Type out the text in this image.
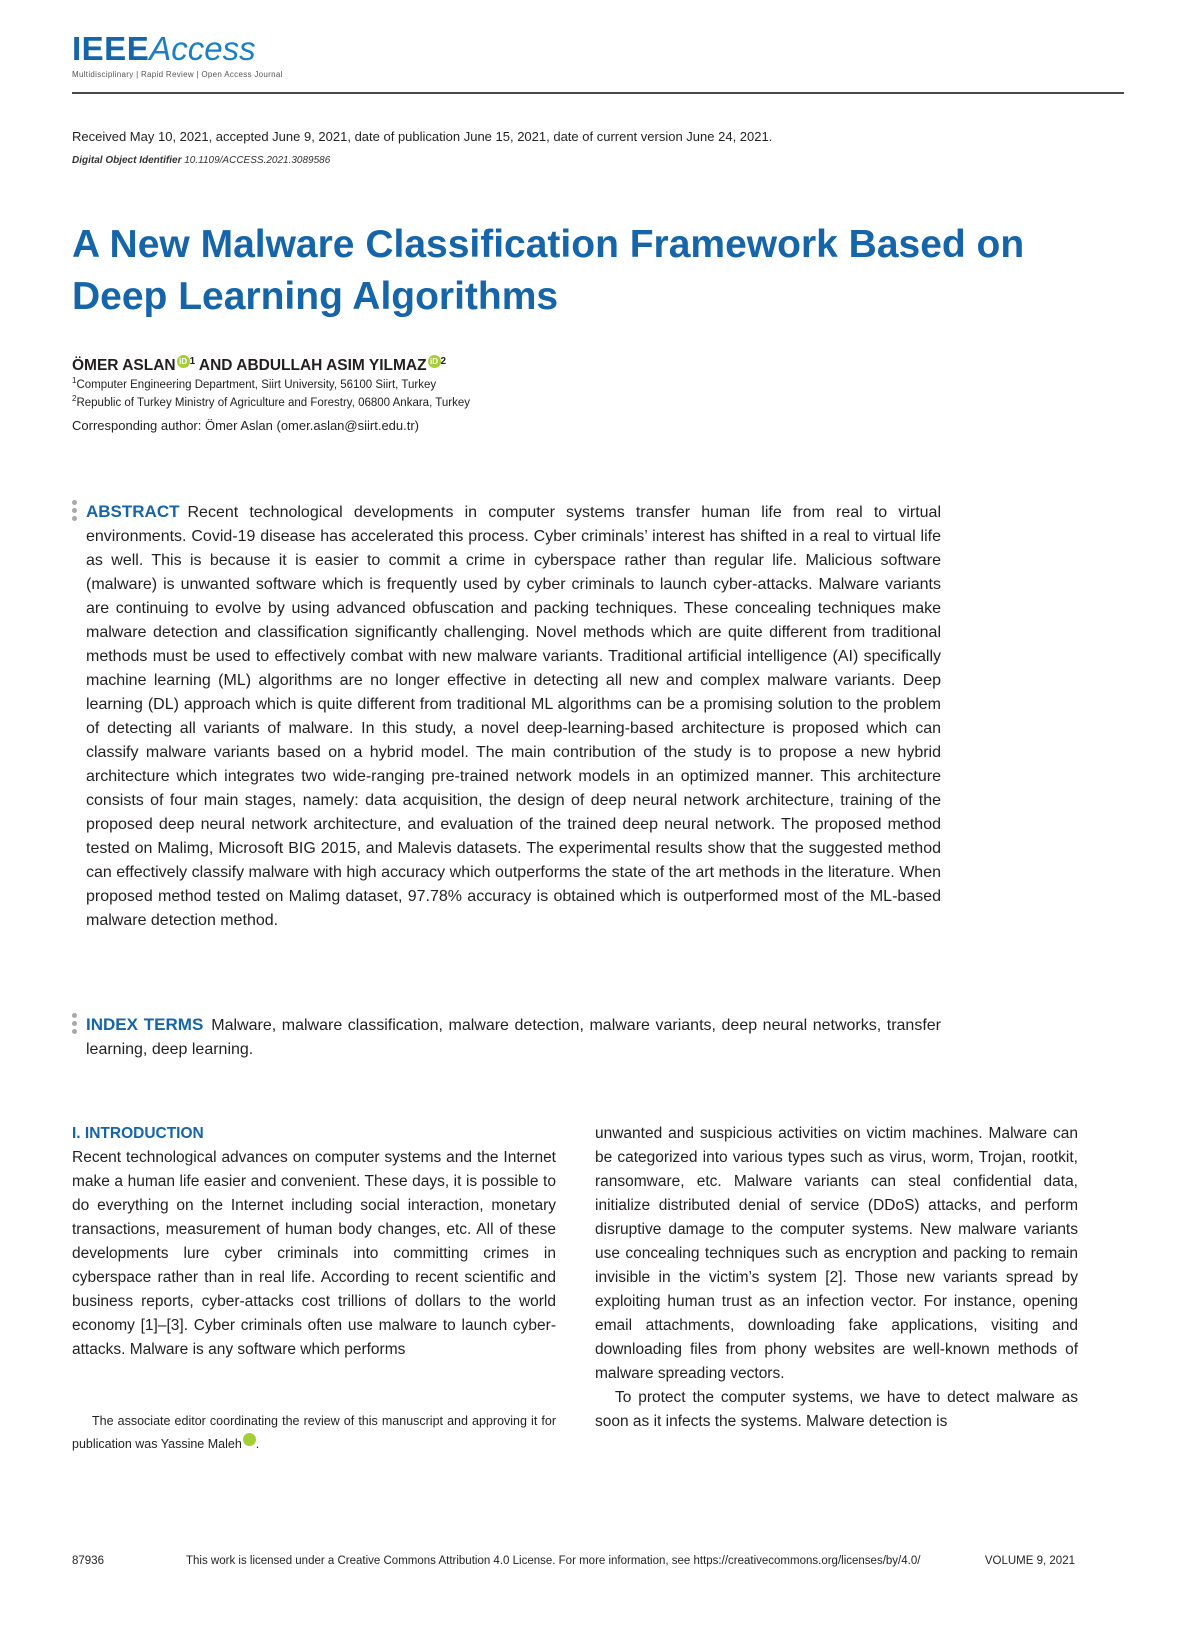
IEEEAccess
Multidisciplinary | Rapid Review | Open Access Journal
Received May 10, 2021, accepted June 9, 2021, date of publication June 15, 2021, date of current version June 24, 2021.
Digital Object Identifier 10.1109/ACCESS.2021.3089586
A New Malware Classification Framework Based on Deep Learning Algorithms
ÖMER ASLAN iD $^1$ AND ABDULLAH ASIM YILMAZ iD $^2$
$^1$Computer Engineering Department, Siirt University, 56100 Siirt, Turkey
$^2$Republic of Turkey Ministry of Agriculture and Forestry, 06800 Ankara, Turkey
Corresponding author: Ömer Aslan (omer.aslan@siirt.edu.tr)
ABSTRACT Recent technological developments in computer systems transfer human life from real to virtual environments. Covid-19 disease has accelerated this process. Cyber criminals’ interest has shifted in a real to virtual life as well. This is because it is easier to commit a crime in cyberspace rather than regular life. Malicious software (malware) is unwanted software which is frequently used by cyber criminals to launch cyber-attacks. Malware variants are continuing to evolve by using advanced obfuscation and packing techniques. These concealing techniques make malware detection and classification significantly challenging. Novel methods which are quite different from traditional methods must be used to effectively combat with new malware variants. Traditional artificial intelligence (AI) specifically machine learning (ML) algorithms are no longer effective in detecting all new and complex malware variants. Deep learning (DL) approach which is quite different from traditional ML algorithms can be a promising solution to the problem of detecting all variants of malware. In this study, a novel deep-learning-based architecture is proposed which can classify malware variants based on a hybrid model. The main contribution of the study is to propose a new hybrid architecture which integrates two wide-ranging pre-trained network models in an optimized manner. This architecture consists of four main stages, namely: data acquisition, the design of deep neural network architecture, training of the proposed deep neural network architecture, and evaluation of the trained deep neural network. The proposed method tested on Malimg, Microsoft BIG 2015, and Malevis datasets. The experimental results show that the suggested method can effectively classify malware with high accuracy which outperforms the state of the art methods in the literature. When proposed method tested on Malimg dataset, 97.78% accuracy is obtained which is outperformed most of the ML-based malware detection method.
INDEX TERMS Malware, malware classification, malware detection, malware variants, deep neural networks, transfer learning, deep learning.
I. INTRODUCTION

Recent technological advances on computer systems and the Internet make a human life easier and convenient. These days, it is possible to do everything on the Internet including social interaction, monetary transactions, measurement of human body changes, etc. All of these developments lure cyber criminals into committing crimes in cyberspace rather than in real life. According to recent scientific and business reports, cyber-attacks cost trillions of dollars to the world economy [1]–[3]. Cyber criminals often use malware to launch cyber-attacks. Malware is any software which performs

The associate editor coordinating the review of this manuscript and approving it for publication was Yassine Maleh	iD.

unwanted and suspicious activities on victim machines. Malware can be categorized into various types such as virus, worm, Trojan, rootkit, ransomware, etc. Malware variants can steal confidential data, initialize distributed denial of service (DDoS) attacks, and perform disruptive damage to the computer systems. New malware variants use concealing techniques such as encryption and packing to remain invisible in the victim’s system [2]. Those new variants spread by exploiting human trust as an infection vector. For instance, opening email attachments, downloading fake applications, visiting and downloading files from phony websites are well-known methods of malware spreading vectors.

To protect the computer systems, we have to detect malware as soon as it infects the systems. Malware detection is

87936	This work is licensed under a Creative Commons Attribution 4.0 License. For more information, see https://creativecommons.org/licenses/by/4.0/	VOLUME 9, 2021
